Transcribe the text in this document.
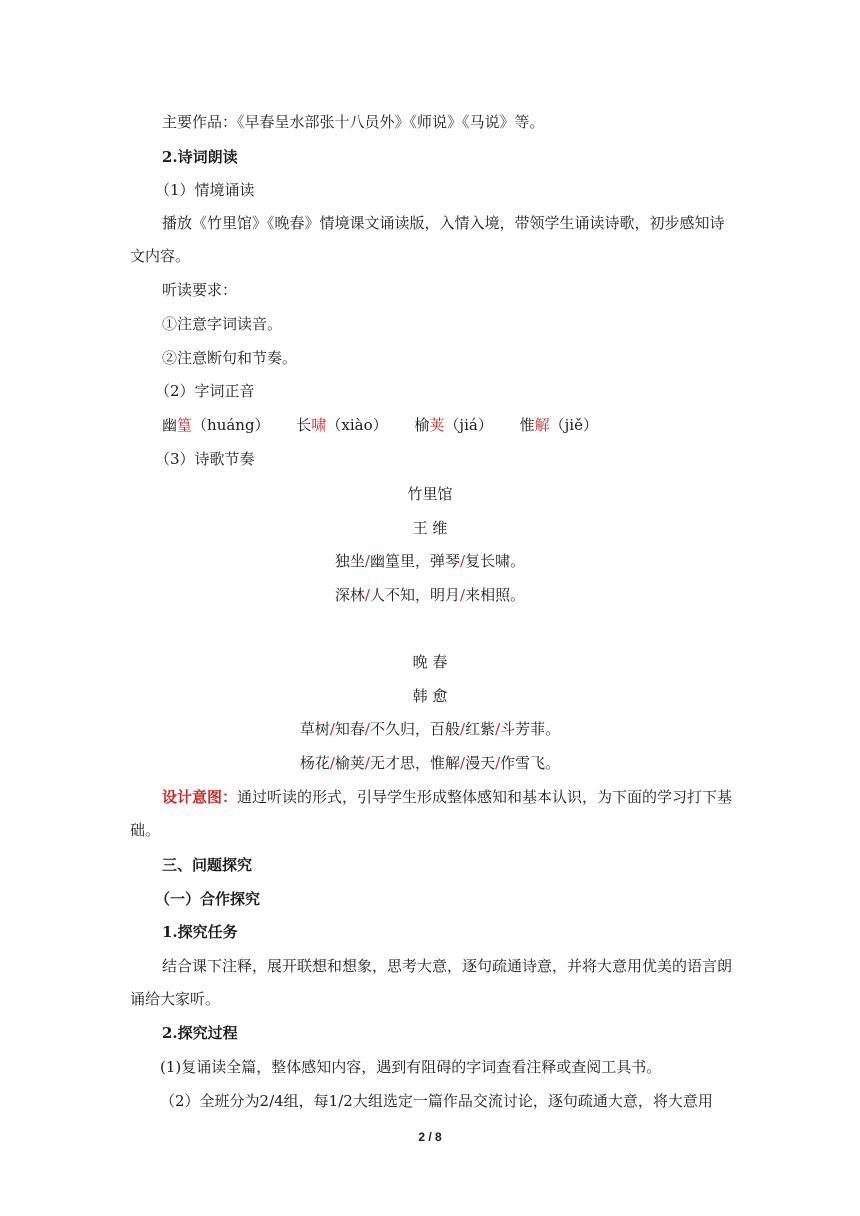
主要作品：《早春呈水部张十八员外》《师说》《马说》等。
2.诗词朗读
（1）情境诵读
播放《竹里馆》《晚春》情境课文诵读版，入情入境，带领学生诵读诗歌，初步感知诗
文内容。
听读要求：
①注意字词读音。
②注意断句和节奏。
（2）字词正音
幽篁（huáng） 长啸（xiào） 榆荚（jiá） 惟解（jiě）
（3）诗歌节奏
竹里馆
王 维
独坐/幽篁里，弹琴/复长啸。
深林/人不知，明月/来相照。
晚 春
韩 愈
草树/知春/不久归，百般/红紫/斗芳菲。
杨花/榆荚/无才思，惟解/漫天/作雪飞。
设计意图：通过听读的形式，引导学生形成整体感知和基本认识，为下面的学习打下基
础。
三、问题探究
（一）合作探究
1.探究任务
结合课下注释，展开联想和想象，思考大意，逐句疏通诗意，并将大意用优美的语言朗
诵给大家听。
2.探究过程
(1)复诵读全篇，整体感知内容，遇到有阻碍的字词查看注释或查阅工具书。
（2）全班分为2/4组，每1/2大组选定一篇作品交流讨论，逐句疏通大意，将大意用
2 / 8
